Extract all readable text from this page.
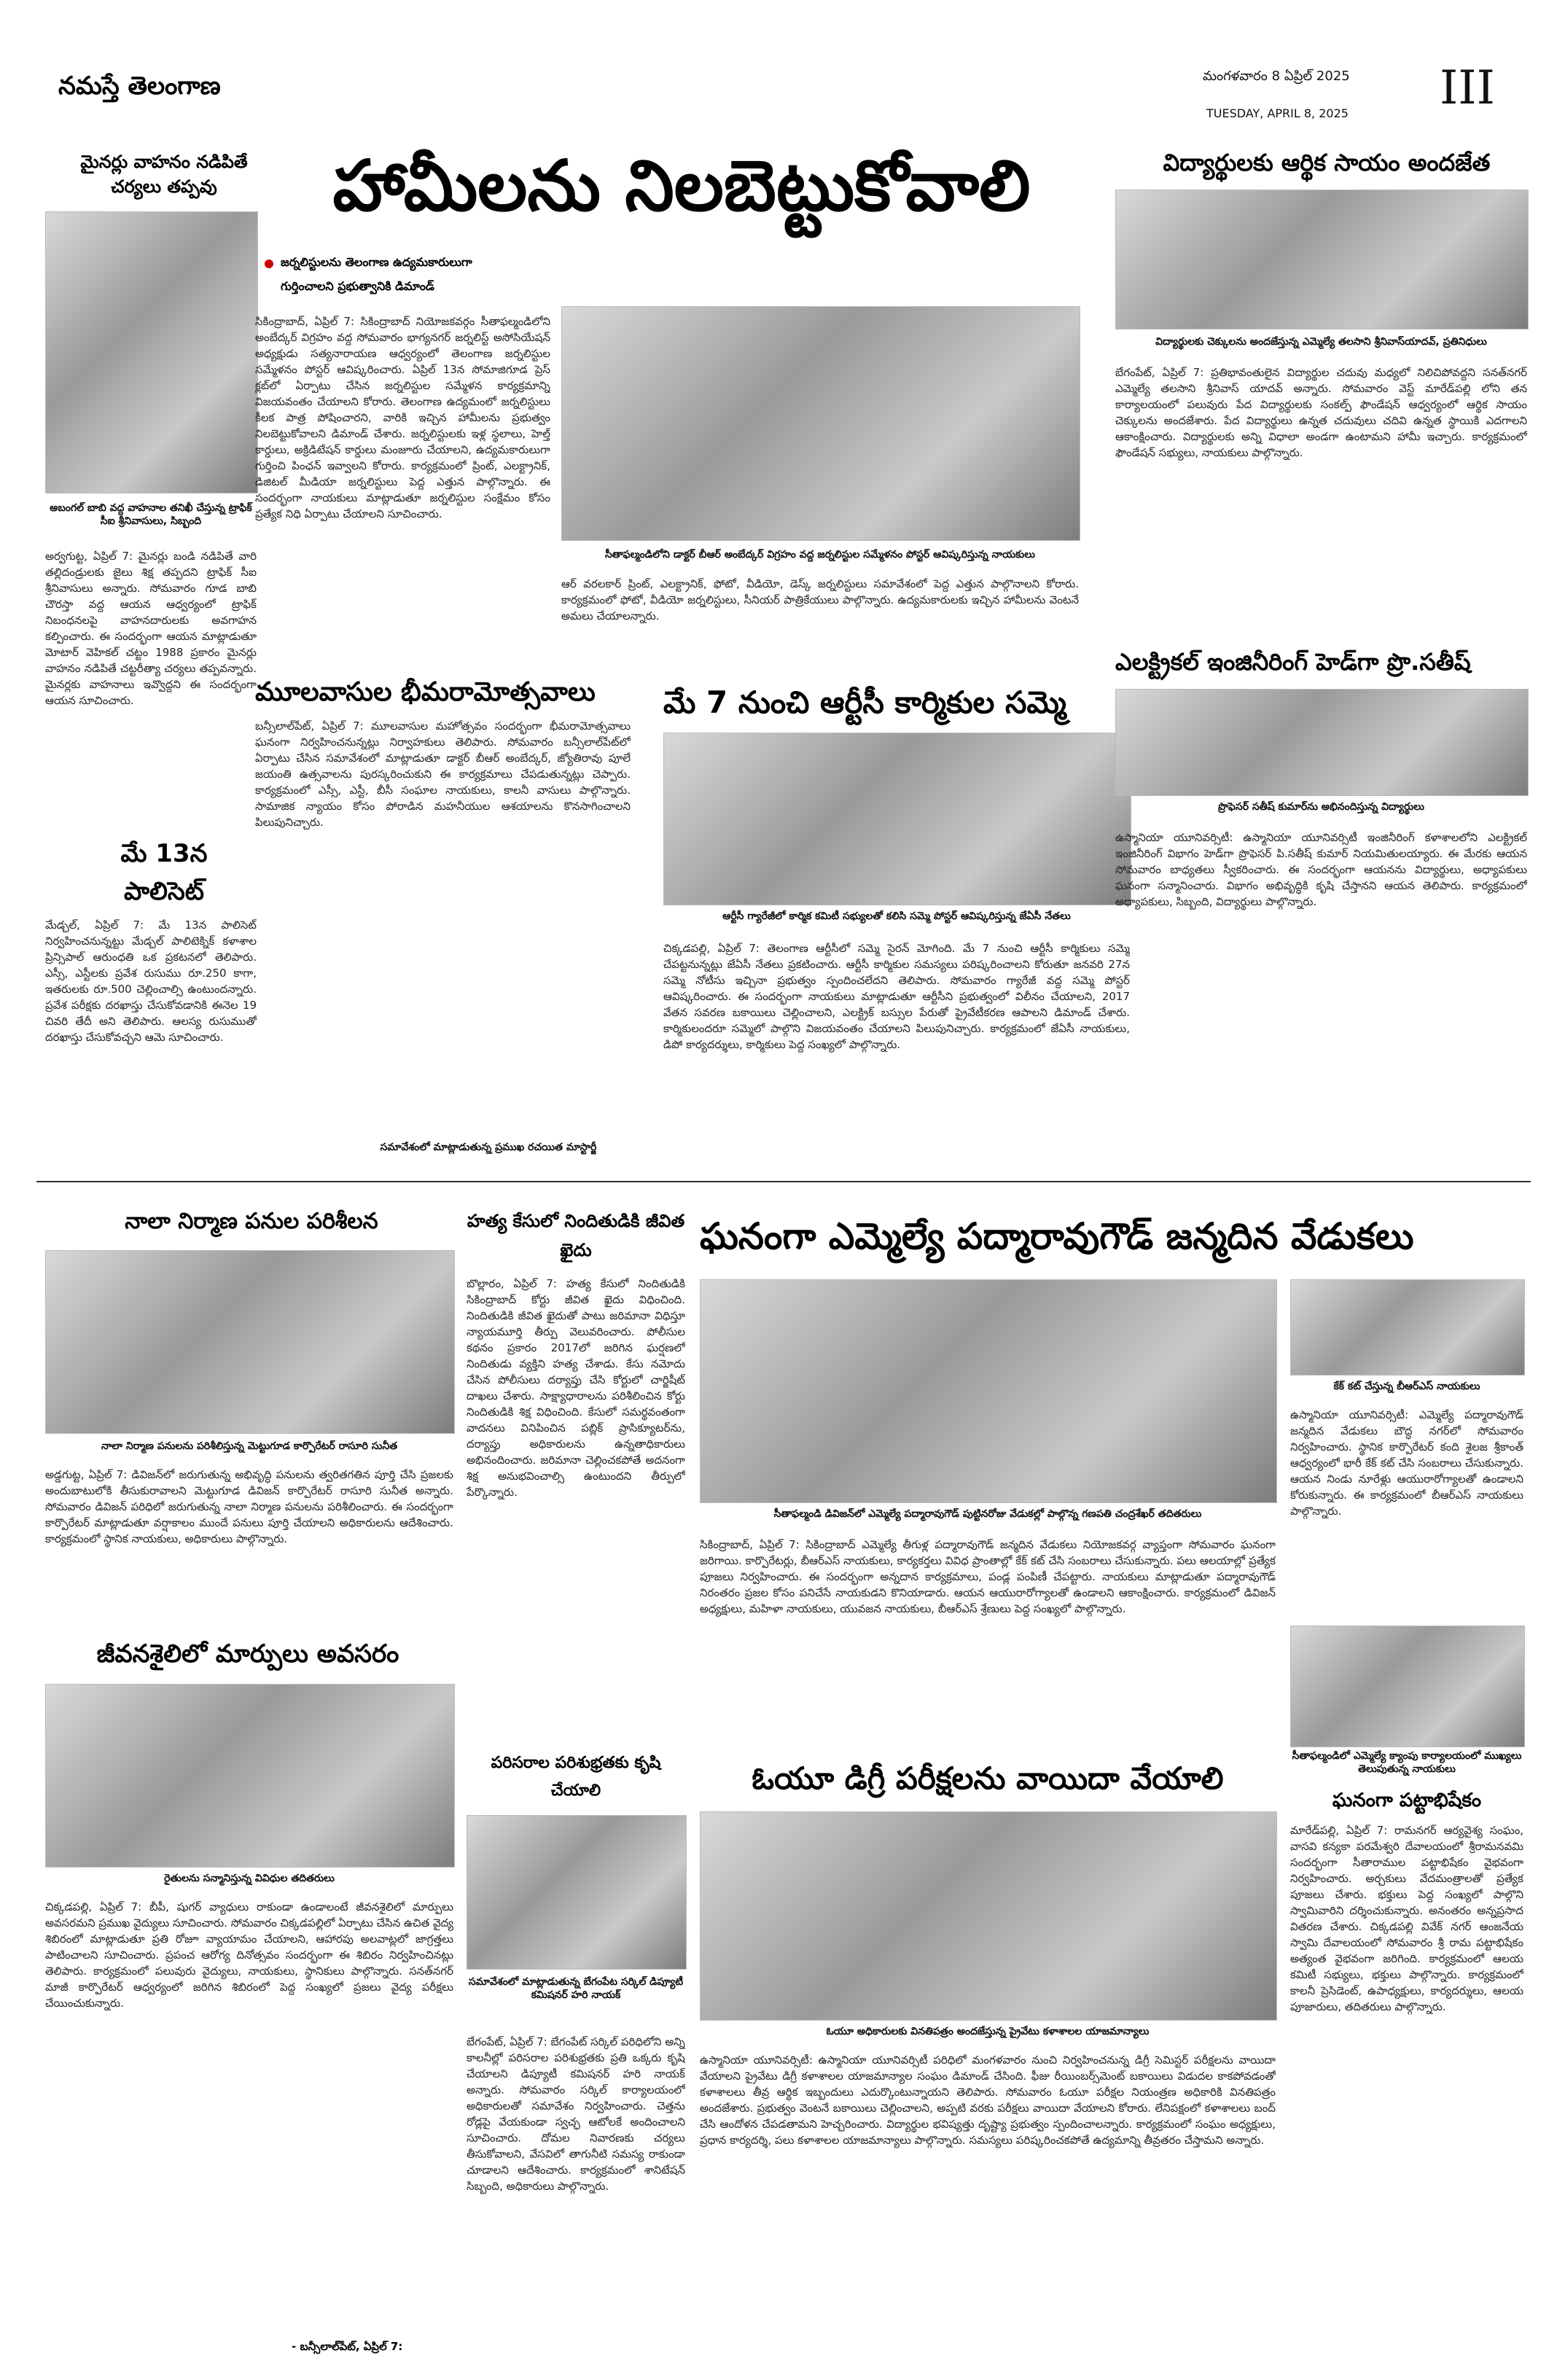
నమస్తే తెలంగాణ	మంగళవారం 8 ఏప్రిల్ 2025
TUESDAY, APRIL 8, 2025 III
మైనర్లు వాహనం నడిపితే చర్యలు తప్పవు
అబంగల్ బాబి వద్ద వాహనాల తనిఖీ చేస్తున్న ట్రాఫిక్ సీఐ శ్రీనివాసులు, సిబ్బంది
అర్వగుట్ట, ఏప్రిల్ 7: మైనర్లు బండి నడిపితే వారి తల్లిదండ్రులకు జైలు శిక్ష తప్పదని ట్రాఫిక్ సీఐ శ్రీనివాసులు అన్నారు. సోమవారం గూడ బాబి చౌరస్తా వద్ద ఆయన ఆధ్వర్యంలో ట్రాఫిక్ నిబంధనలపై వాహనదారులకు అవగాహన కల్పించారు. ఈ సందర్భంగా ఆయన మాట్లాడుతూ మోటార్ వెహికల్ చట్టం 1988 ప్రకారం మైనర్లు వాహనం నడిపితే చట్టరీత్యా చర్యలు తప్పవన్నారు. మైనర్లకు వాహనాలు ఇవ్వొద్దని ఈ సందర్భంగా ఆయన సూచించారు.
మే 13న పాలిసెట్
మేడ్చల్, ఏప్రిల్ 7: మే 13న పాలిసెట్ నిర్వహించనున్నట్టు మేడ్చల్ పాలిటెక్నిక్ కళాశాల ప్రిన్సిపాల్ ఆరుంధతి ఒక ప్రకటనలో తెలిపారు. ఎస్సీ, ఎస్టీలకు ప్రవేశ రుసుము రూ.250 కాగా, ఇతరులకు రూ.500 చెల్లించాల్సి ఉంటుందన్నారు. ప్రవేశ పరీక్షకు దరఖాస్తు చేసుకోవడానికి ఈనెల 19 చివరి తేదీ అని తెలిపారు. ఆలస్య రుసుముతో దరఖాస్తు చేసుకోవచ్చని ఆమె సూచించారు.
హామీలను నిలబెట్టుకోవాలి
జర్నలిస్టులను తెలంగాణ ఉద్యమకారులుగా
గుర్తించాలని ప్రభుత్వానికి డిమాండ్
సికింద్రాబాద్, ఏప్రిల్ 7: సికింద్రాబాద్ నియోజకవర్గం సీతాఫల్మండిలోని అంబేద్కర్ విగ్రహం వద్ద సోమవారం భాగ్యనగర్ జర్నలిస్ట్ అసోసియేషన్ అధ్యక్షుడు సత్యనారాయణ ఆధ్వర్యంలో తెలంగాణ జర్నలిస్టుల సమ్మేళనం పోస్టర్ ఆవిష్కరించారు. ఏప్రిల్ 13న సోమాజిగూడ ప్రెస్ క్లబ్‌లో ఏర్పాటు చేసిన జర్నలిస్టుల సమ్మేళన కార్యక్రమాన్ని విజయవంతం చేయాలని కోరారు. తెలంగాణ ఉద్యమంలో జర్నలిస్టులు కీలక పాత్ర పోషించారని, వారికి ఇచ్చిన హామీలను ప్రభుత్వం నిలబెట్టుకోవాలని డిమాండ్ చేశారు. జర్నలిస్టులకు ఇళ్ల స్థలాలు, హెల్త్ కార్డులు, అక్రిడిటేషన్ కార్డులు మంజూరు చేయాలని, ఉద్యమకారులుగా గుర్తించి పింఛన్ ఇవ్వాలని కోరారు. కార్యక్రమంలో ప్రింట్, ఎలక్ట్రానిక్, డిజిటల్ మీడియా జర్నలిస్టులు పెద్ద ఎత్తున పాల్గొన్నారు. ఈ సందర్భంగా నాయకులు మాట్లాడుతూ జర్నలిస్టుల సంక్షేమం కోసం ప్రత్యేక నిధి ఏర్పాటు చేయాలని సూచించారు.
సీతాఫల్మండిలోని డాక్టర్ బీఆర్ అంబేద్కర్ విగ్రహం వద్ద జర్నలిస్టుల సమ్మేళనం పోస్టర్ ఆవిష్కరిస్తున్న నాయకులు
ఆర్ వరలకార్ ప్రింట్, ఎలక్ట్రానిక్, ఫోటో, వీడియో, డెస్క్ జర్నలిస్టులు సమావేశంలో పెద్ద ఎత్తున పాల్గొనాలని కోరారు. కార్యక్రమంలో ఫోటో, వీడియో జర్నలిస్టులు, సీనియర్ పాత్రికేయులు పాల్గొన్నారు. ఉద్యమకారులకు ఇచ్చిన హామీలను వెంటనే అమలు చేయాలన్నారు.
మూలవాసుల భీమరామోత్సవాలు
బన్సీలాల్‌పేట్, ఏప్రిల్ 7: మూలవాసుల మహోత్సవం సందర్భంగా భీమరామోత్సవాలు ఘనంగా నిర్వహించనున్నట్లు నిర్వాహకులు తెలిపారు. సోమవారం బన్సీలాల్‌పేట్‌లో ఏర్పాటు చేసిన సమావేశంలో మాట్లాడుతూ డాక్టర్ బీఆర్ అంబేద్కర్, జ్యోతిరావు పూలే జయంతి ఉత్సవాలను పురస్కరించుకుని ఈ కార్యక్రమాలు చేపడుతున్నట్లు చెప్పారు. కార్యక్రమంలో ఎస్సీ, ఎస్టీ, బీసీ సంఘాల నాయకులు, కాలనీ వాసులు పాల్గొన్నారు. సామాజిక న్యాయం కోసం పోరాడిన మహనీయుల ఆశయాలను కొనసాగించాలని పిలుపునిచ్చారు.
సమావేశంలో మాట్లాడుతున్న ప్రముఖ రచయిత మాస్టార్జీ
మే 7 నుంచి ఆర్టీసీ కార్మికుల సమ్మె
ఆర్టీసీ గ్యారేజీలో కార్మిక కమిటీ సభ్యులతో కలిసి సమ్మె పోస్టర్ ఆవిష్కరిస్తున్న జేఏసీ నేతలు
చిక్కడపల్లి, ఏప్రిల్ 7: తెలంగాణ ఆర్టీసీలో సమ్మె సైరన్ మోగింది. మే 7 నుంచి ఆర్టీసీ కార్మికులు సమ్మె చేపట్టనున్నట్లు జేఏసీ నేతలు ప్రకటించారు. ఆర్టీసీ కార్మికుల సమస్యలు పరిష్కరించాలని కోరుతూ జనవరి 27న సమ్మె నోటీసు ఇచ్చినా ప్రభుత్వం స్పందించలేదని తెలిపారు. సోమవారం గ్యారేజీ వద్ద సమ్మె పోస్టర్ ఆవిష్కరించారు. ఈ సందర్భంగా నాయకులు మాట్లాడుతూ ఆర్టీసీని ప్రభుత్వంలో విలీనం చేయాలని, 2017 వేతన సవరణ బకాయిలు చెల్లించాలని, ఎలక్ట్రిక్ బస్సుల పేరుతో ప్రైవేటీకరణ ఆపాలని డిమాండ్ చేశారు. కార్మికులందరూ సమ్మెలో పాల్గొని విజయవంతం చేయాలని పిలుపునిచ్చారు. కార్యక్రమంలో జేఏసీ నాయకులు, డిపో కార్యదర్శులు, కార్మికులు పెద్ద సంఖ్యలో పాల్గొన్నారు.
విద్యార్థులకు ఆర్థిక సాయం అందజేత
విద్యార్థులకు చెక్కులను అందజేస్తున్న ఎమ్మెల్యే తలసాని శ్రీనివాస్‌యాదవ్, ప్రతినిధులు
బేగంపేట్, ఏప్రిల్ 7: ప్రతిభావంతులైన విద్యార్థుల చదువు మధ్యలో నిలిచిపోవద్దని సనత్‌నగర్ ఎమ్మెల్యే తలసాని శ్రీనివాస్ యాదవ్ అన్నారు. సోమవారం వెస్ట్ మారేడ్‌పల్లి లోని తన కార్యాలయంలో పలువురు పేద విద్యార్థులకు సంకల్ప్ ఫౌండేషన్ ఆధ్వర్యంలో ఆర్థిక సాయం చెక్కులను అందజేశారు. పేద విద్యార్థులు ఉన్నత చదువులు చదివి ఉన్నత స్థాయికి ఎదగాలని ఆకాంక్షించారు. విద్యార్థులకు అన్ని విధాలా అండగా ఉంటామని హామీ ఇచ్చారు. కార్యక్రమంలో ఫౌండేషన్ సభ్యులు, నాయకులు పాల్గొన్నారు.
ఎలక్ట్రికల్ ఇంజినీరింగ్ హెడ్‌గా ప్రొ.సతీష్
ప్రొఫెసర్ సతీష్ కుమార్‌ను అభినందిస్తున్న విద్యార్థులు
ఉస్మానియా యూనివర్సిటీ: ఉస్మానియా యూనివర్సిటీ ఇంజినీరింగ్ కళాశాలలోని ఎలక్ట్రికల్ ఇంజినీరింగ్ విభాగం హెడ్‌గా ప్రొఫెసర్ పి.సతీష్ కుమార్ నియమితులయ్యారు. ఈ మేరకు ఆయన సోమవారం బాధ్యతలు స్వీకరించారు. ఈ సందర్భంగా ఆయనను విద్యార్థులు, అధ్యాపకులు ఘనంగా సన్మానించారు. విభాగం అభివృద్ధికి కృషి చేస్తానని ఆయన తెలిపారు. కార్యక్రమంలో అధ్యాపకులు, సిబ్బంది, విద్యార్థులు పాల్గొన్నారు.
నాలా నిర్మాణ పనుల పరిశీలన
నాలా నిర్మాణ పనులను పరిశీలిస్తున్న మెట్టుగూడ కార్పొరేటర్ రాసూరి సునీత
అడ్డగుట్ట, ఏప్రిల్ 7: డివిజన్‌లో జరుగుతున్న అభివృద్ధి పనులను త్వరితగతిన పూర్తి చేసి ప్రజలకు అందుబాటులోకి తీసుకురావాలని మెట్టుగూడ డివిజన్ కార్పొరేటర్ రాసూరి సునీత అన్నారు. సోమవారం డివిజన్ పరిధిలో జరుగుతున్న నాలా నిర్మాణ పనులను పరిశీలించారు. ఈ సందర్భంగా కార్పొరేటర్ మాట్లాడుతూ వర్షాకాలం ముందే పనులు పూర్తి చేయాలని అధికారులను ఆదేశించారు. కార్యక్రమంలో స్థానిక నాయకులు, అధికారులు పాల్గొన్నారు.
జీవనశైలిలో మార్పులు అవసరం
రైతులను సన్మానిస్తున్న వివిధుల తదితరులు
చిక్కడపల్లి, ఏప్రిల్ 7: బీపీ, షుగర్ వ్యాధులు రాకుండా ఉండాలంటే జీవనశైలిలో మార్పులు అవసరమని ప్రముఖ వైద్యులు సూచించారు. సోమవారం చిక్కడపల్లిలో ఏర్పాటు చేసిన ఉచిత వైద్య శిబిరంలో మాట్లాడుతూ ప్రతి రోజూ వ్యాయామం చేయాలని, ఆహారపు అలవాట్లలో జాగ్రత్తలు పాటించాలని సూచించారు. ప్రపంచ ఆరోగ్య దినోత్సవం సందర్భంగా ఈ శిబిరం నిర్వహించినట్లు తెలిపారు. కార్యక్రమంలో పలువురు వైద్యులు, నాయకులు, స్థానికులు పాల్గొన్నారు. సనత్‌నగర్ మాజీ కార్పొరేటర్ ఆధ్వర్యంలో జరిగిన శిబిరంలో పెద్ద సంఖ్యలో ప్రజలు వైద్య పరీక్షలు చేయించుకున్నారు.
- బన్సీలాల్‌పేట్, ఏప్రిల్ 7:
హత్య కేసులో నిందితుడికి జీవిత ఖైదు
బొల్లారం, ఏప్రిల్ 7: హత్య కేసులో నిందితుడికి సికింద్రాబాద్ కోర్టు జీవిత ఖైదు విధించింది. నిందితుడికి జీవిత ఖైదుతో పాటు జరిమానా విధిస్తూ న్యాయమూర్తి తీర్పు వెలువరించారు. పోలీసుల కథనం ప్రకారం 2017లో జరిగిన ఘర్షణలో నిందితుడు వ్యక్తిని హత్య చేశాడు. కేసు నమోదు చేసిన పోలీసులు దర్యాప్తు చేసి కోర్టులో చార్జిషీట్ దాఖలు చేశారు. సాక్ష్యాధారాలను పరిశీలించిన కోర్టు నిందితుడికి శిక్ష విధించింది. కేసులో సమర్థవంతంగా వాదనలు వినిపించిన పబ్లిక్ ప్రాసిక్యూటర్‌ను, దర్యాప్తు అధికారులను ఉన్నతాధికారులు అభినందించారు. జరిమానా చెల్లించకపోతే అదనంగా శిక్ష అనుభవించాల్సి ఉంటుందని తీర్పులో పేర్కొన్నారు.
పరిసరాల పరిశుభ్రతకు కృషి చేయాలి
సమావేశంలో మాట్లాడుతున్న బేగంపేట సర్కిల్ డిప్యూటీ కమిషనర్ హరి నాయక్
బేగంపేట్, ఏప్రిల్ 7: బేగంపేట్ సర్కిల్ పరిధిలోని అన్ని కాలనీల్లో పరిసరాల పరిశుభ్రతకు ప్రతి ఒక్కరు కృషి చేయాలని డిప్యూటీ కమిషనర్ హరి నాయక్ అన్నారు. సోమవారం సర్కిల్ కార్యాలయంలో అధికారులతో సమావేశం నిర్వహించారు. చెత్తను రోడ్లపై వేయకుండా స్వచ్ఛ ఆటోలకే అందించాలని సూచించారు. దోమల నివారణకు చర్యలు తీసుకోవాలని, వేసవిలో తాగునీటి సమస్య రాకుండా చూడాలని ఆదేశించారు. కార్యక్రమంలో శానిటేషన్ సిబ్బంది, అధికారులు పాల్గొన్నారు.
ఘనంగా ఎమ్మెల్యే పద్మారావుగౌడ్ జన్మదిన వేడుకలు
సీతాఫల్మండి డివిజన్‌లో ఎమ్మెల్యే పద్మారావుగౌడ్ పుట్టినరోజు వేడుకల్లో పాల్గొన్న గణపతి చంద్రశేఖర్ తదితరులు
సికింద్రాబాద్, ఏప్రిల్ 7: సికింద్రాబాద్ ఎమ్మెల్యే తీగుళ్ల పద్మారావుగౌడ్ జన్మదిన వేడుకలు నియోజకవర్గ వ్యాప్తంగా సోమవారం ఘనంగా జరిగాయి. కార్పొరేటర్లు, బీఆర్‌ఎస్ నాయకులు, కార్యకర్తలు వివిధ ప్రాంతాల్లో కేక్ కట్ చేసి సంబరాలు చేసుకున్నారు. పలు ఆలయాల్లో ప్రత్యేక పూజలు నిర్వహించారు. ఈ సందర్భంగా అన్నదాన కార్యక్రమాలు, పండ్ల పంపిణీ చేపట్టారు. నాయకులు మాట్లాడుతూ పద్మారావుగౌడ్ నిరంతరం ప్రజల కోసం పనిచేసే నాయకుడని కొనియాడారు. ఆయన ఆయురారోగ్యాలతో ఉండాలని ఆకాంక్షించారు. కార్యక్రమంలో డివిజన్ అధ్యక్షులు, మహిళా నాయకులు, యువజన నాయకులు, బీఆర్‌ఎస్ శ్రేణులు పెద్ద సంఖ్యలో పాల్గొన్నారు.
కేక్ కట్ చేస్తున్న బీఆర్‌ఎస్ నాయకులు
ఉస్మానియా యూనివర్సిటీ: ఎమ్మెల్యే పద్మారావుగౌడ్ జన్మదిన వేడుకలు బౌద్ధ నగర్‌లో సోమవారం నిర్వహించారు. స్థానిక కార్పొరేటర్ కంది శైలజ శ్రీకాంత్ ఆధ్వర్యంలో భారీ కేక్ కట్ చేసి సంబరాలు చేసుకున్నారు. ఆయన నిండు నూరేళ్లు ఆయురారోగ్యాలతో ఉండాలని కోరుకున్నారు. ఈ కార్యక్రమంలో బీఆర్‌ఎస్ నాయకులు పాల్గొన్నారు.
సీతాఫల్మండిలో ఎమ్మెల్యే క్యాంపు కార్యాలయంలో ముఖ్యలు తెలుపుతున్న నాయకులు
ఘనంగా పట్టాభిషేకం
మారేడ్‌పల్లి, ఏప్రిల్ 7: రామనగర్ ఆర్యవైశ్య సంఘం, వాసవి కన్యకా పరమేశ్వరి దేవాలయంలో శ్రీరామనవమి సందర్భంగా సీతారాముల పట్టాభిషేకం వైభవంగా నిర్వహించారు. అర్చకులు వేదమంత్రాలతో ప్రత్యేక పూజలు చేశారు. భక్తులు పెద్ద సంఖ్యలో పాల్గొని స్వామివారిని దర్శించుకున్నారు. అనంతరం అన్నప్రసాద వితరణ చేశారు. చిక్కడపల్లి వివేక్ నగర్ ఆంజనేయ స్వామి దేవాలయంలో సోమవారం శ్రీ రామ పట్టాభిషేకం అత్యంత వైభవంగా జరిగింది. కార్యక్రమంలో ఆలయ కమిటీ సభ్యులు, భక్తులు పాల్గొన్నారు. కార్యక్రమంలో కాలనీ ప్రెసిడెంట్, ఉపాధ్యక్షులు, కార్యదర్శులు, ఆలయ పూజారులు, తదితరులు పాల్గొన్నారు.
ఓయూ డిగ్రీ పరీక్షలను వాయిదా వేయాలి
ఓయూ అధికారులకు వినతిపత్రం అందజేస్తున్న ప్రైవేటు కళాశాలల యాజమాన్యాలు
ఉస్మానియా యూనివర్సిటీ: ఉస్మానియా యూనివర్సిటీ పరిధిలో మంగళవారం నుంచి నిర్వహించనున్న డిగ్రీ సెమిస్టర్ పరీక్షలను వాయిదా వేయాలని ప్రైవేటు డిగ్రీ కళాశాలల యాజమాన్యాల సంఘం డిమాండ్ చేసింది. ఫీజు రీయింబర్స్‌మెంట్ బకాయిలు విడుదల కాకపోవడంతో కళాశాలలు తీవ్ర ఆర్థిక ఇబ్బందులు ఎదుర్కొంటున్నాయని తెలిపారు. సోమవారం ఓయూ పరీక్షల నియంత్రణ అధికారికి వినతిపత్రం అందజేశారు. ప్రభుత్వం వెంటనే బకాయిలు చెల్లించాలని, అప్పటి వరకు పరీక్షలు వాయిదా వేయాలని కోరారు. లేనిపక్షంలో కళాశాలలు బంద్ చేసి ఆందోళన చేపడతామని హెచ్చరించారు. విద్యార్థుల భవిష్యత్తు దృష్ట్యా ప్రభుత్వం స్పందించాలన్నారు. కార్యక్రమంలో సంఘం అధ్యక్షులు, ప్రధాన కార్యదర్శి, పలు కళాశాలల యాజమాన్యాలు పాల్గొన్నారు. సమస్యలు పరిష్కరించకపోతే ఉద్యమాన్ని తీవ్రతరం చేస్తామని అన్నారు.
